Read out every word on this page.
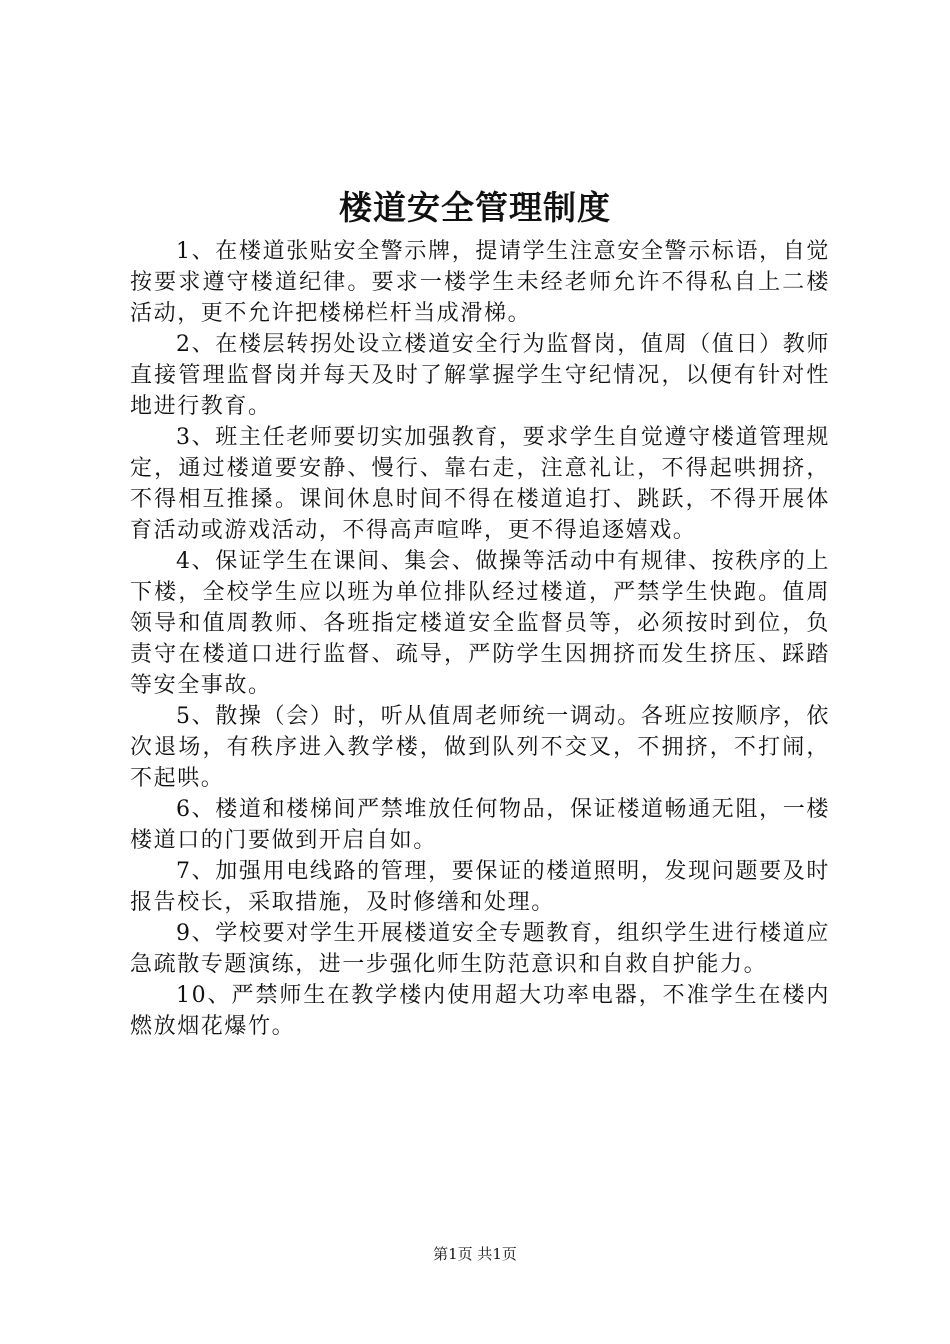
楼道安全管理制度

1、在楼道张贴安全警示牌，提请学生注意安全警示标语，自觉按要求遵守楼道纪律。要求一楼学生未经老师允许不得私自上二楼活动，更不允许把楼梯栏杆当成滑梯。

2、在楼层转拐处设立楼道安全行为监督岗，值周（值日）教师直接管理监督岗并每天及时了解掌握学生守纪情况，以便有针对性地进行教育。

3、班主任老师要切实加强教育，要求学生自觉遵守楼道管理规定，通过楼道要安静、慢行、靠右走，注意礼让，不得起哄拥挤，不得相互推搡。课间休息时间不得在楼道追打、跳跃，不得开展体育活动或游戏活动，不得高声喧哗，更不得追逐嬉戏。

4、保证学生在课间、集会、做操等活动中有规律、按秩序的上下楼，全校学生应以班为单位排队经过楼道，严禁学生快跑。值周领导和值周教师、各班指定楼道安全监督员等，必须按时到位，负责守在楼道口进行监督、疏导，严防学生因拥挤而发生挤压、踩踏等安全事故。

5、散操（会）时，听从值周老师统一调动。各班应按顺序，依次退场，有秩序进入教学楼，做到队列不交叉，不拥挤，不打闹，不起哄。

6、楼道和楼梯间严禁堆放任何物品，保证楼道畅通无阻，一楼楼道口的门要做到开启自如。

7、加强用电线路的管理，要保证的楼道照明，发现问题要及时报告校长，采取措施，及时修缮和处理。

9、学校要对学生开展楼道安全专题教育，组织学生进行楼道应急疏散专题演练，进一步强化师生防范意识和自救自护能力。

10、严禁师生在教学楼内使用超大功率电器，不准学生在楼内燃放烟花爆竹。

第1页 共1页
